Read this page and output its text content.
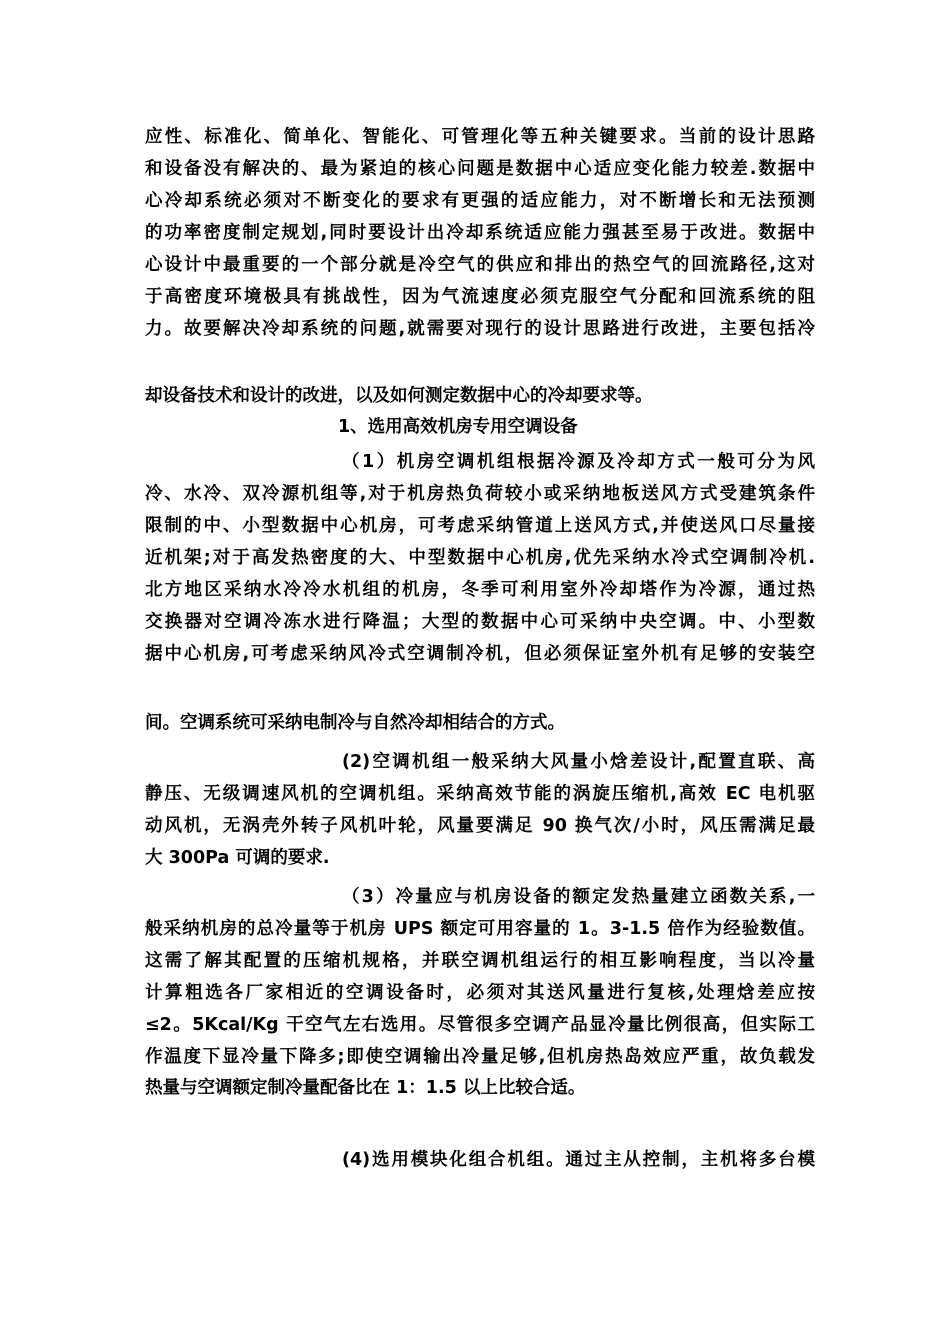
应性、标准化、简单化、智能化、可管理化等五种关键要求。当前的设计思路
和设备没有解决的、最为紧迫的核心问题是数据中心适应变化能力较差.数据中
心冷却系统必须对不断变化的要求有更强的适应能力，对不断增长和无法预测
的功率密度制定规划,同时要设计出冷却系统适应能力强甚至易于改进。数据中
心设计中最重要的一个部分就是冷空气的供应和排出的热空气的回流路径,这对
于高密度环境极具有挑战性，因为气流速度必须克服空气分配和回流系统的阻
力。故要解决冷却系统的问题,就需要对现行的设计思路进行改进，主要包括冷
却设备技术和设计的改进，以及如何测定数据中心的冷却要求等。
1、选用高效机房专用空调设备
（1）机房空调机组根据冷源及冷却方式一般可分为风
冷、水冷、双冷源机组等,对于机房热负荷较小或采纳地板送风方式受建筑条件
限制的中、小型数据中心机房，可考虑采纳管道上送风方式,并使送风口尽量接
近机架;对于高发热密度的大、中型数据中心机房,优先采纳水冷式空调制冷机.
北方地区采纳水冷冷水机组的机房，冬季可利用室外冷却塔作为冷源，通过热
交换器对空调冷冻水进行降温；大型的数据中心可采纳中央空调。中、小型数
据中心机房,可考虑采纳风冷式空调制冷机，但必须保证室外机有足够的安装空
间。空调系统可采纳电制冷与自然冷却相结合的方式。
(2)空调机组一般采纳大风量小焓差设计,配置直联、高
静压、无级调速风机的空调机组。采纳高效节能的涡旋压缩机,高效 EC 电机驱
动风机，无涡壳外转子风机叶轮，风量要满足 90 换气次/小时，风压需满足最
大 300Pa 可调的要求.
（3）冷量应与机房设备的额定发热量建立函数关系,一
般采纳机房的总冷量等于机房 UPS 额定可用容量的 1。3-1.5 倍作为经验数值。
这需了解其配置的压缩机规格，并联空调机组运行的相互影响程度，当以冷量
计算粗选各厂家相近的空调设备时，必须对其送风量进行复核,处理焓差应按
≤2。5Kcal/Kg 干空气左右选用。尽管很多空调产品显冷量比例很高，但实际工
作温度下显冷量下降多;即使空调输出冷量足够,但机房热岛效应严重，故负载发
热量与空调额定制冷量配备比在 1：1.5 以上比较合适。
(4)选用模块化组合机组。通过主从控制，主机将多台模
